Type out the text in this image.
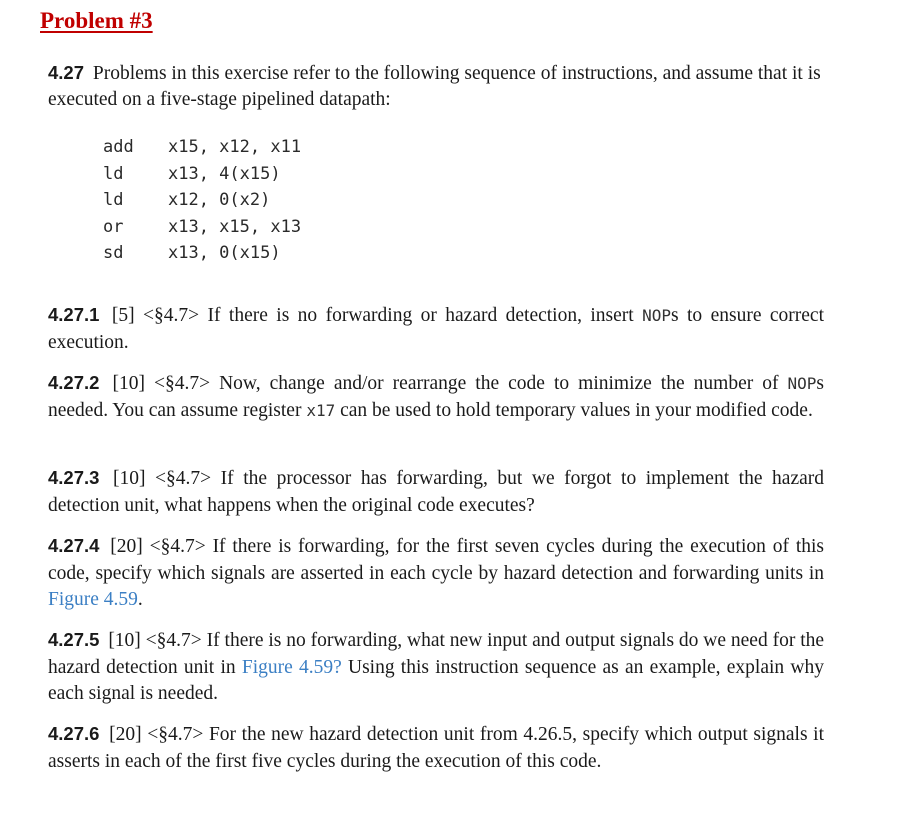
Problem #3
4.27 Problems in this exercise refer to the following sequence of instructions, and assume that it is executed on a five-stage pipelined datapath:
add x15, x12, x11
ld	x13, 4(x15)
ld	x12, 0(x2)
or	x13, x15, x13
sd	x13, 0(x15)
4.27.1 [5] <§4.7> If there is no forwarding or hazard detection, insert NOPs to ensure correct execution.
4.27.2 [10] <§4.7> Now, change and/or rearrange the code to minimize the number of NOPs needed. You can assume register x17 can be used to hold temporary values in your modified code.
4.27.3 [10] <§4.7> If the processor has forwarding, but we forgot to implement the hazard detection unit, what happens when the original code executes?
4.27.4 [20] <§4.7> If there is forwarding, for the first seven cycles during the execution of this code, specify which signals are asserted in each cycle by hazard detection and forwarding units in Figure 4.59.
4.27.5 [10] <§4.7> If there is no forwarding, what new input and output signals do we need for the hazard detection unit in Figure 4.59? Using this instruction sequence as an example, explain why each signal is needed.
4.27.6 [20] <§4.7> For the new hazard detection unit from 4.26.5, specify which output signals it asserts in each of the first five cycles during the execution of this code.
